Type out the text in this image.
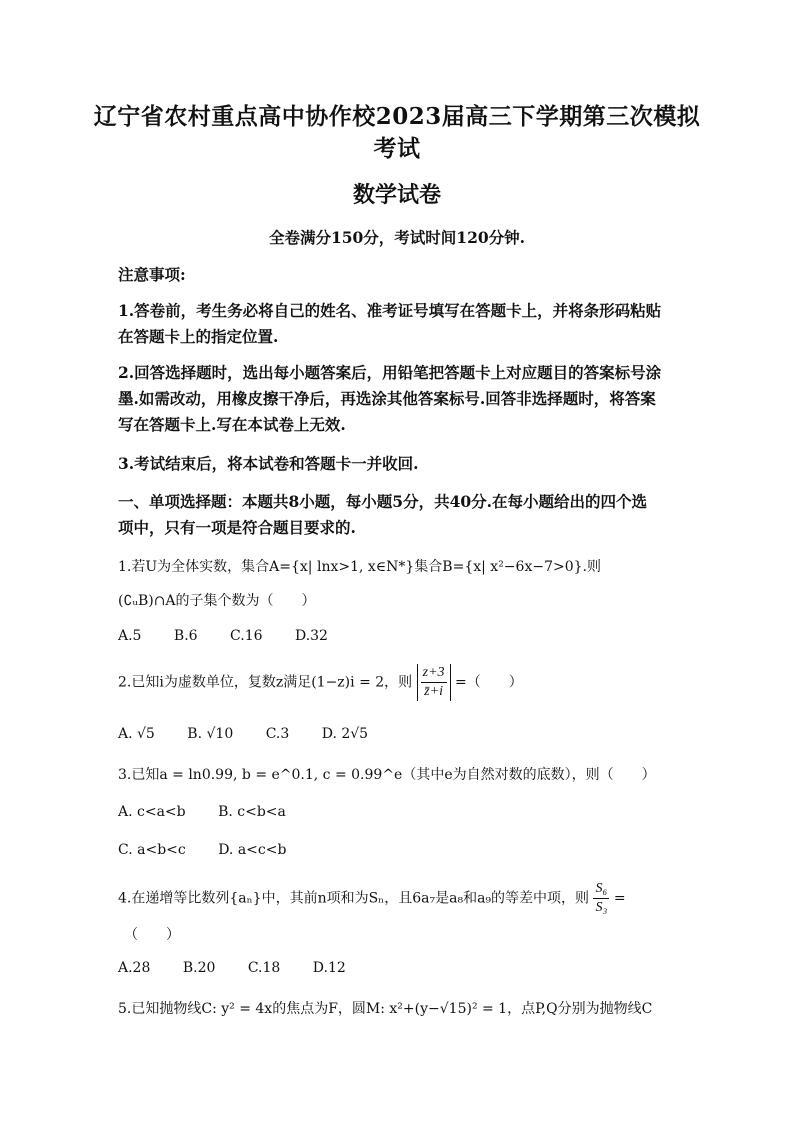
辽宁省农村重点高中协作校2023届高三下学期第三次模拟
考试
数学试卷
全卷满分150分，考试时间120分钟.
注意事项:
1.答卷前，考生务必将自己的姓名、准考证号填写在答题卡上，并将条形码粘贴
在答题卡上的指定位置.
2.回答选择题时，选出每小题答案后，用铅笔把答题卡上对应题目的答案标号涂
墨.如需改动，用橡皮擦干净后，再选涂其他答案标号.回答非选择题时，将答案
写在答题卡上.写在本试卷上无效.
3.考试结束后，将本试卷和答题卡一并收回.
一、单项选择题：本题共8小题，每小题5分，共40分.在每小题给出的四个选
项中，只有一项是符合题目要求的.
1.若U为全体实数，集合A={x| lnx>1, x∈N*}集合B={x| x²−6x−7>0}.则
(∁ᵤB)∩A的子集个数为（　　）
A.5 B.6 C.16 D.32
2.已知i为虚数单位，复数z满足(1−z)i = 2，则 $\frac{z+3}{z̄+i}$ =（　　）
A. √5 B. √10 C.3 D. 2√5
3.已知a = ln0.99, b = e^0.1, c = 0.99^e（其中e为自然对数的底数），则（　　）
A. c<a<b B. c<b<a
C. a<b<c D. a<c<b
4.在递增等比数列{aₙ}中，其前n项和为Sₙ，且6a₇是a₈和a₉的等差中项，则 $\frac{\text{S₆}}{\text{S₃}}$ =
（　　）
A.28 B.20 C.18 D.12
5.已知抛物线C: y² = 4x的焦点为F，圆M: x²+(y−√15)² = 1，点P,Q分别为抛物线C
